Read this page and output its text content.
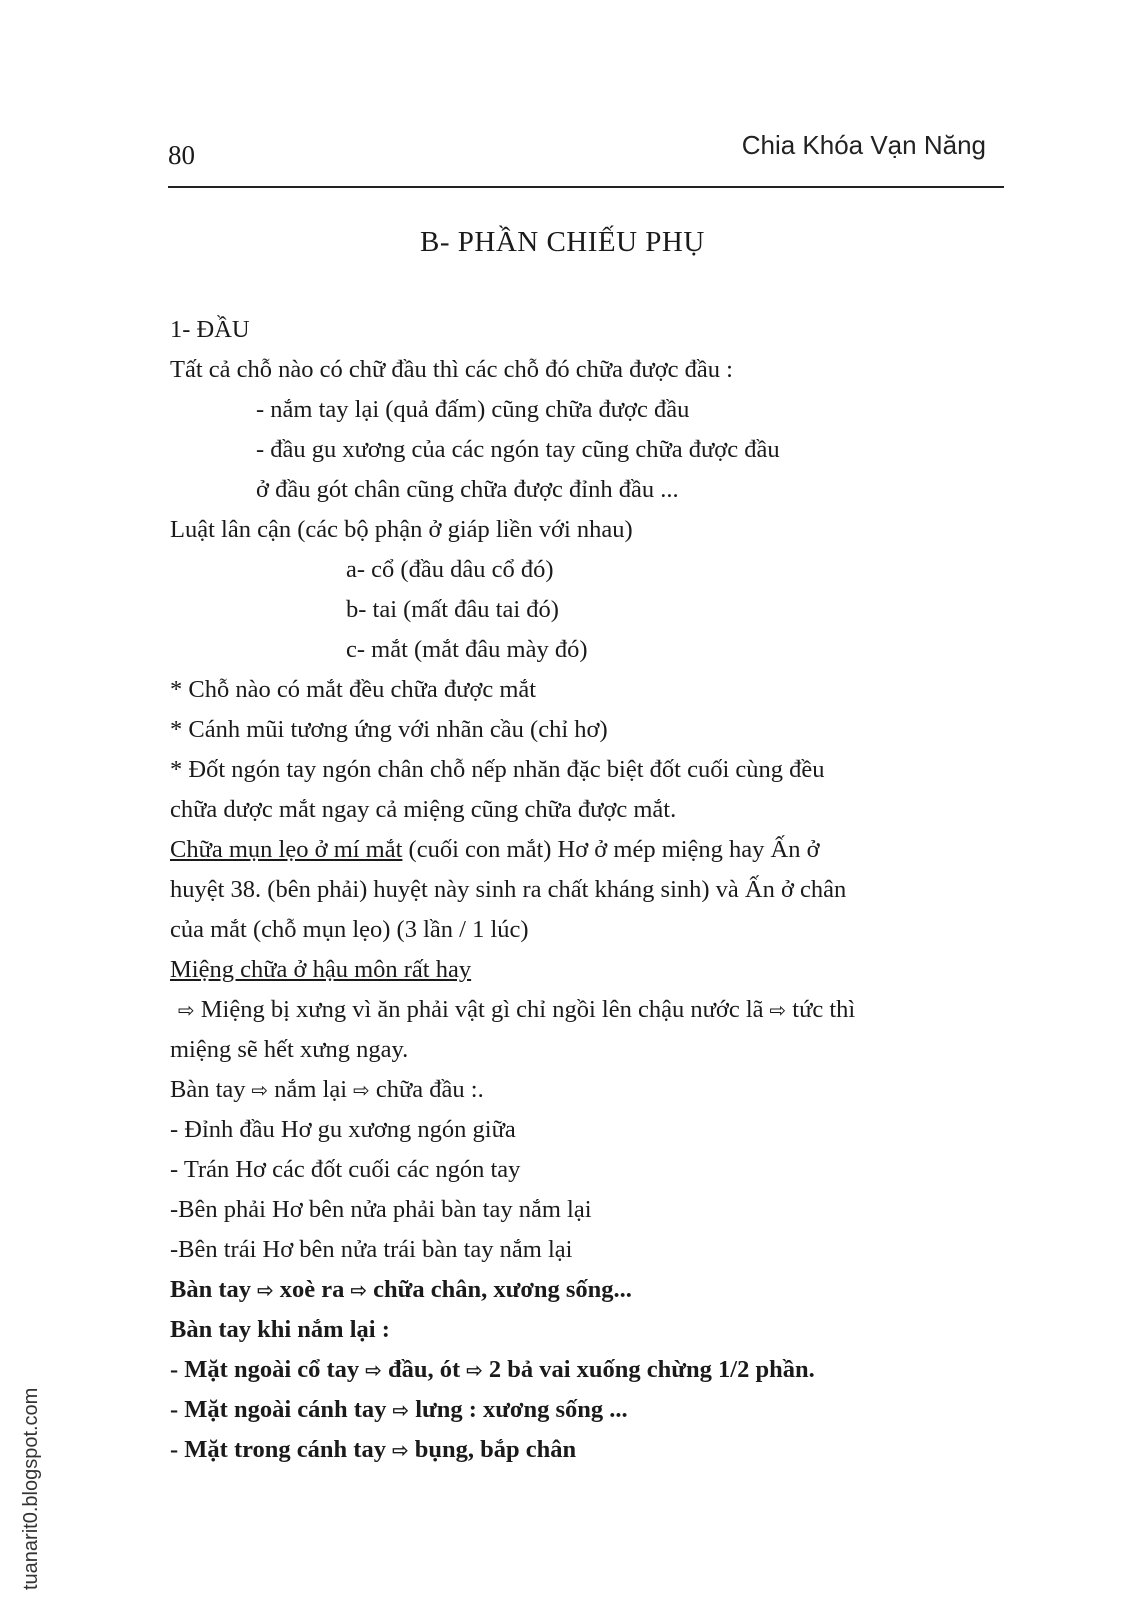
80	Chia Khóa Vạn Năng
B- PHẦN CHIẾU PHỤ
1- ĐẦU
Tất cả chỗ nào có chữ đầu thì các chỗ đó chữa được đầu :
- nắm tay lại (quả đấm) cũng chữa được đầu
- đầu gu xương của các ngón tay cũng chữa được đầu
ở đầu gót chân cũng chữa được đỉnh đầu ...
Luật lân cận (các bộ phận ở giáp liền với nhau)
a- cổ (đầu dâu cổ đó)
b- tai (mất đâu tai đó)
c- mắt (mắt đâu mày đó)
* Chỗ nào có mắt đều chữa được mắt
* Cánh mũi tương ứng với nhãn cầu (chỉ hơ)
* Đốt ngón tay ngón chân chỗ nếp nhăn đặc biệt đốt cuối cùng đều
chữa dược mắt ngay cả miệng cũng chữa được mắt.
Chữa mụn lẹo ở mí mắt (cuối con mắt) Hơ ở mép miệng hay Ấn ở
huyệt 38. (bên phải) huyệt này sinh ra chất kháng sinh) và Ấn ở chân
của mắt (chỗ mụn lẹo) (3 lần / 1 lúc)
Miệng chữa ở hậu môn rất hay
⇨ Miệng bị xưng vì ăn phải vật gì chỉ ngồi lên chậu nước lã ⇨ tức thì
miệng sẽ hết xưng ngay.
Bàn tay ⇨ nắm lại ⇨ chữa đầu :.
- Đỉnh đầu Hơ gu xương ngón giữa
- Trán Hơ các đốt cuối các ngón tay
-Bên phải Hơ bên nửa phải bàn tay nắm lại
-Bên trái Hơ bên nửa trái bàn tay nắm lại
Bàn tay ⇨ xoè ra ⇨ chữa chân, xương sống...
Bàn tay khi nắm lại :
- Mặt ngoài cổ tay ⇨ đầu, ót ⇨ 2 bả vai xuống chừng 1/2 phần.
- Mặt ngoài cánh tay ⇨ lưng : xương sống ...
- Mặt trong cánh tay ⇨ bụng, bắp chân
tuanarit0.blogspot.com
